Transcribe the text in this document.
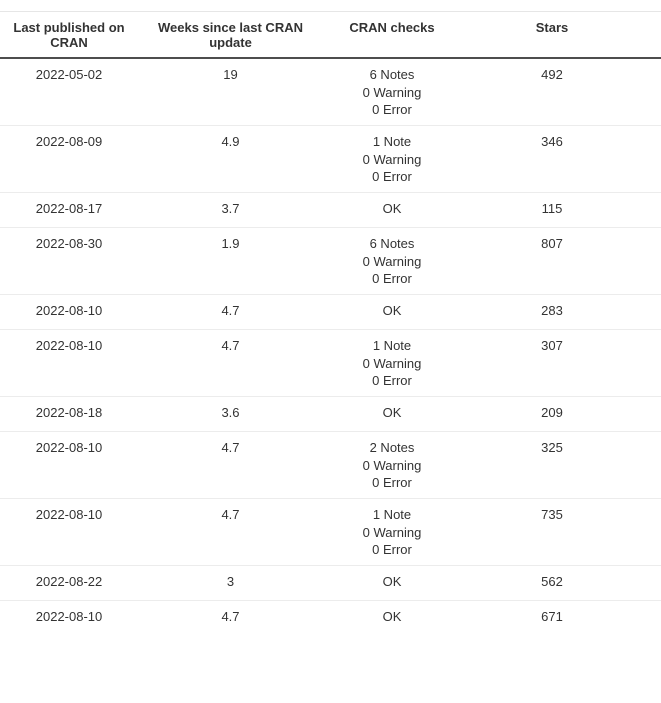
Last published on CRAN	Weeks since last CRAN update	CRAN checks	Stars	
2022-05-02	19	6 Notes
0 Warning
0 Error	492	
2022-08-09	4.9	1 Note
0 Warning
0 Error	346	
2022-08-17	3.7	OK	115	
2022-08-30	1.9	6 Notes
0 Warning
0 Error	807	
2022-08-10	4.7	OK	283	
2022-08-10	4.7	1 Note
0 Warning
0 Error	307	
2022-08-18	3.6	OK	209	
2022-08-10	4.7	2 Notes
0 Warning
0 Error	325	
2022-08-10	4.7	1 Note
0 Warning
0 Error	735	
2022-08-22	3	OK	562	
2022-08-10	4.7	OK	671	
